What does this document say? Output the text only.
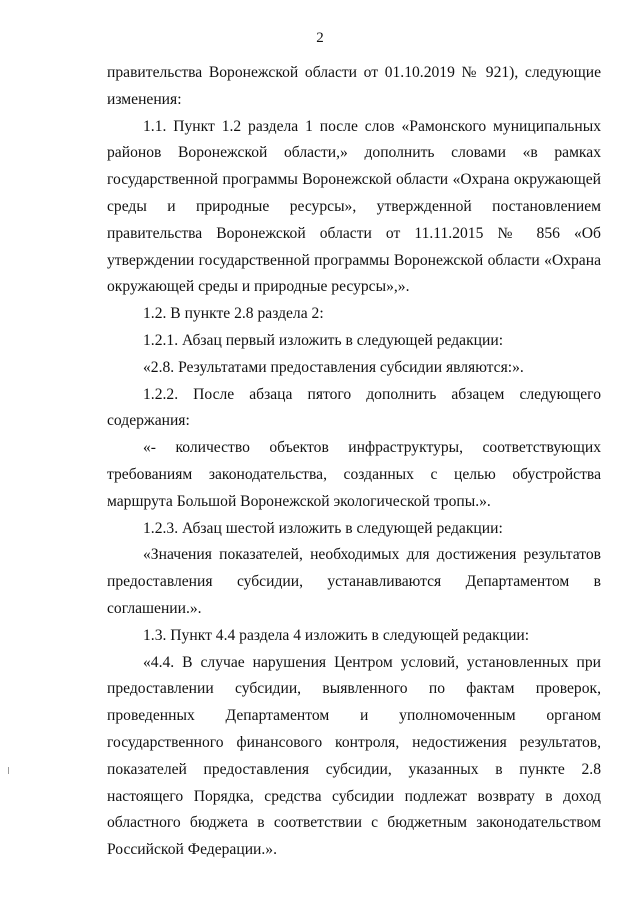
2

правительства Воронежской области от 01.10.2019 № 921), следующие изменения:

1.1. Пункт 1.2 раздела 1 после слов «Рамонского муниципальных районов Воронежской области,» дополнить словами «в рамках государственной программы Воронежской области «Охрана окружающей среды и природные ресурсы», утвержденной постановлением правительства Воронежской области от 11.11.2015 № 856 «Об утверждении государственной программы Воронежской области «Охрана окружающей среды и природные ресурсы»,».

1.2. В пункте 2.8 раздела 2:

1.2.1. Абзац первый изложить в следующей редакции:

«2.8. Результатами предоставления субсидии являются:».

1.2.2. После абзаца пятого дополнить абзацем следующего содержания:

«- количество объектов инфраструктуры, соответствующих требованиям законодательства, созданных с целью обустройства маршрута Большой Воронежской экологической тропы.».

1.2.3. Абзац шестой изложить в следующей редакции:

«Значения показателей, необходимых для достижения результатов предоставления субсидии, устанавливаются Департаментом в соглашении.».

1.3. Пункт 4.4 раздела 4 изложить в следующей редакции:

«4.4. В случае нарушения Центром условий, установленных при предоставлении субсидии, выявленного по фактам проверок, проведенных Департаментом и уполномоченным органом государственного финансового контроля, недостижения результатов, показателей предоставления субсидии, указанных в пункте 2.8 настоящего Порядка, средства субсидии подлежат возврату в доход областного бюджета в соответствии с бюджетным законодательством Российской Федерации.».
